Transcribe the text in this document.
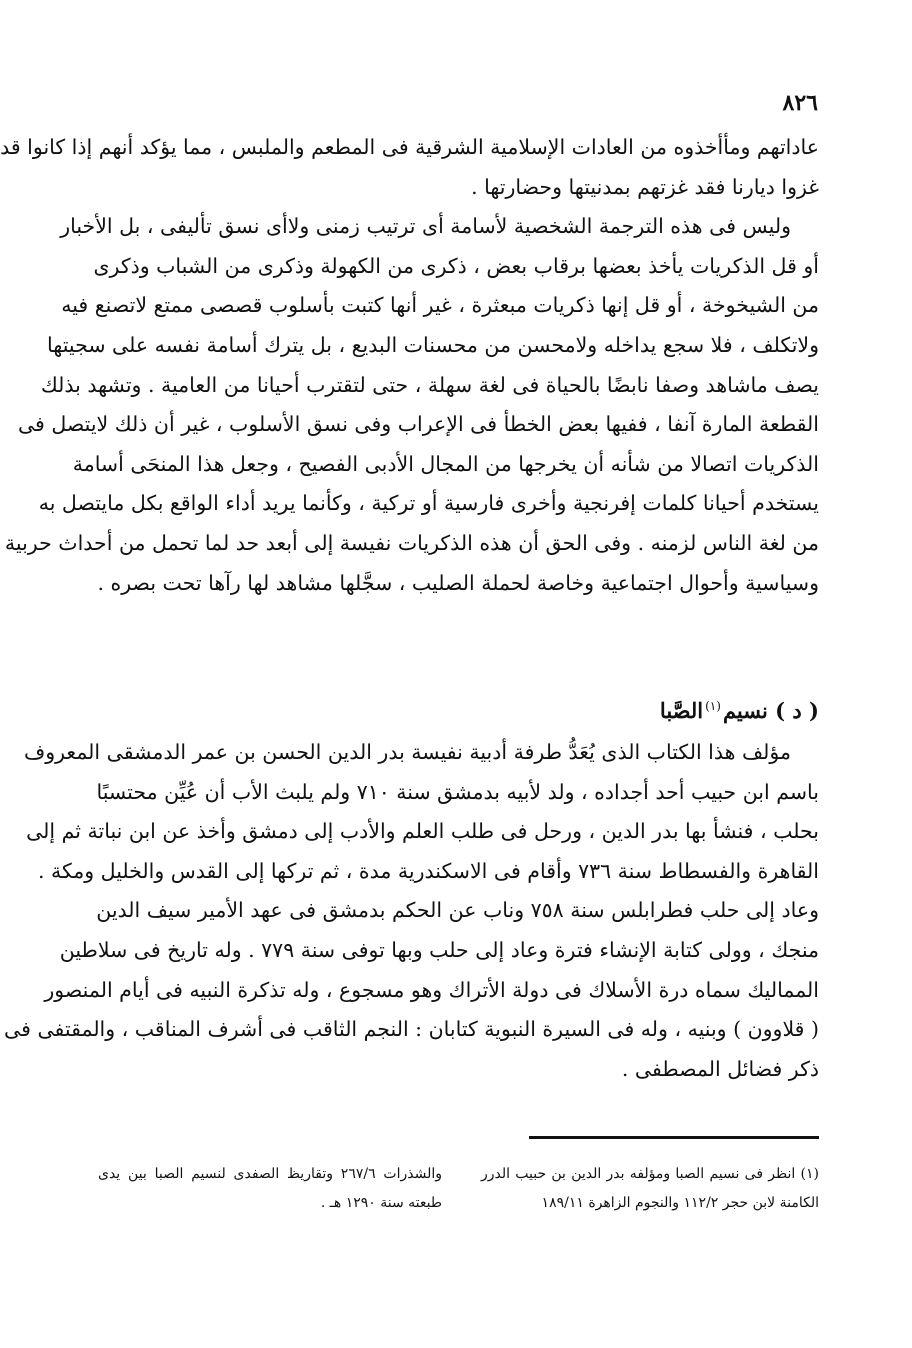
٨٢٦
عاداتهم ومأأخذوه من العادات الإسلامية الشرقية فى المطعم والملبس ، مما يؤكد أنهم إذا كانوا قد
غزوا ديارنا فقد غزتهم بمدنيتها وحضارتها .
وليس فى هذه الترجمة الشخصية لأسامة أى ترتيب زمنى ولاأى نسق تأليفى ، بل الأخبار
أو قل الذكريات يأخذ بعضها برقاب بعض ، ذكرى من الكهولة وذكرى من الشباب وذكرى
من الشيخوخة ، أو قل إنها ذكريات مبعثرة ، غير أنها كتبت بأسلوب قصصى ممتع لاتصنع فيه
ولاتكلف ، فلا سجع يداخله ولامحسن من محسنات البديع ، بل يترك أسامة نفسه على سجيتها
يصف ماشاهد وصفا نابضًا بالحياة فى لغة سهلة ، حتى لتقترب أحيانا من العامية . وتشهد بذلك
القطعة المارة آنفا ، ففيها بعض الخطأ فى الإعراب وفى نسق الأسلوب ، غير أن ذلك لايتصل فى
الذكريات اتصالا من شأنه أن يخرجها من المجال الأدبى الفصيح ، وجعل هذا المنحَى أسامة
يستخدم أحيانا كلمات إفرنجية وأخرى فارسية أو تركية ، وكأنما يريد أداء الواقع بكل مايتصل به
من لغة الناس لزمنه . وفى الحق أن هذه الذكريات نفيسة إلى أبعد حد لما تحمل من أحداث حربية
وسياسية وأحوال اجتماعية وخاصة لحملة الصليب ، سجَّلها مشاهد لها رآها تحت بصره .
( د ) نسيم$^{(١)}$الصَّبا
مؤلف هذا الكتاب الذى يُعَدُّ طرفة أدبية نفيسة بدر الدين الحسن بن عمر الدمشقى المعروف
باسم ابن حبيب أحد أجداده ، ولد لأبيه بدمشق سنة ٧١٠ ولم يلبث الأب أن عُيِّن محتسبًا
بحلب ، فنشأ بها بدر الدين ، ورحل فى طلب العلم والأدب إلى دمشق وأخذ عن ابن نباتة ثم إلى
القاهرة والفسطاط سنة ٧٣٦ وأقام فى الاسكندرية مدة ، ثم تركها إلى القدس والخليل ومكة .
وعاد إلى حلب فطرابلس سنة ٧٥٨ وناب عن الحكم بدمشق فى عهد الأمير سيف الدين
منجك ، وولى كتابة الإنشاء فترة وعاد إلى حلب وبها توفى سنة ٧٧٩ . وله تاريخ فى سلاطين
المماليك سماه درة الأسلاك فى دولة الأتراك وهو مسجوع ، وله تذكرة النبيه فى أيام المنصور
( قلاوون ) وبنيه ، وله فى السيرة النبوية كتابان : النجم الثاقب فى أشرف المناقب ، والمقتفى فى
ذكر فضائل المصطفى .
(١) انظر فى نسيم الصبا ومؤلفه بدر الدين بن حبيب الدرر
الكامنة لابن حجر ١١٢/٢ والنجوم الزاهرة ١٨٩/١١
والشذرات ٢٦٧/٦ وتقاريظ الصفدى لنسيم الصبا بين يدى
طبعته سنة ١٢٩٠ هـ .
